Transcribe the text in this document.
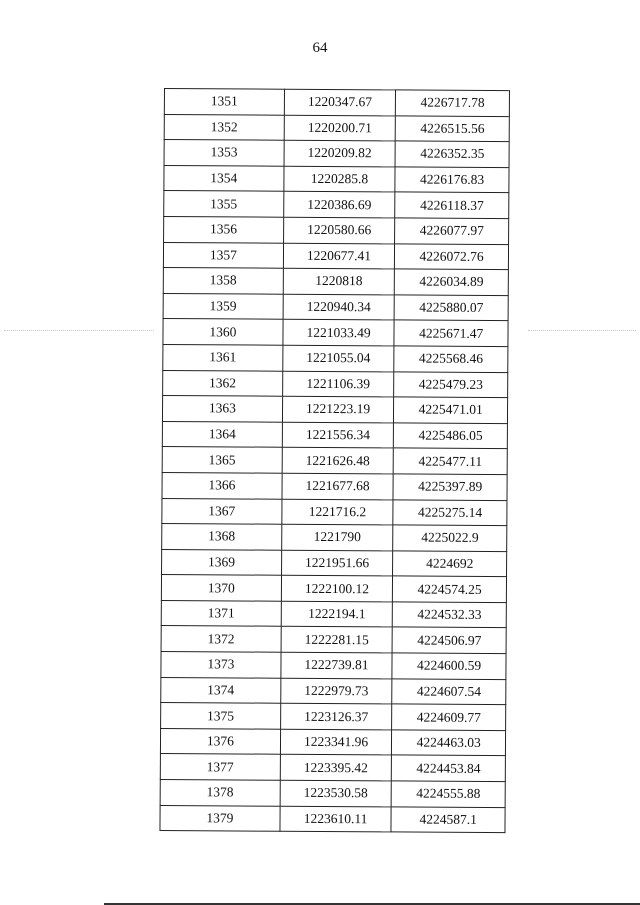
64
1351	1220347.67	4226717.78
1352	1220200.71	4226515.56
1353	1220209.82	4226352.35
1354	1220285.8	4226176.83
1355	1220386.69	4226118.37
1356	1220580.66	4226077.97
1357	1220677.41	4226072.76
1358	1220818	4226034.89
1359	1220940.34	4225880.07
1360	1221033.49	4225671.47
1361	1221055.04	4225568.46
1362	1221106.39	4225479.23
1363	1221223.19	4225471.01
1364	1221556.34	4225486.05
1365	1221626.48	4225477.11
1366	1221677.68	4225397.89
1367	1221716.2	4225275.14
1368	1221790	4225022.9
1369	1221951.66	4224692
1370	1222100.12	4224574.25
1371	1222194.1	4224532.33
1372	1222281.15	4224506.97
1373	1222739.81	4224600.59
1374	1222979.73	4224607.54
1375	1223126.37	4224609.77
1376	1223341.96	4224463.03
1377	1223395.42	4224453.84
1378	1223530.58	4224555.88
1379	1223610.11	4224587.1
